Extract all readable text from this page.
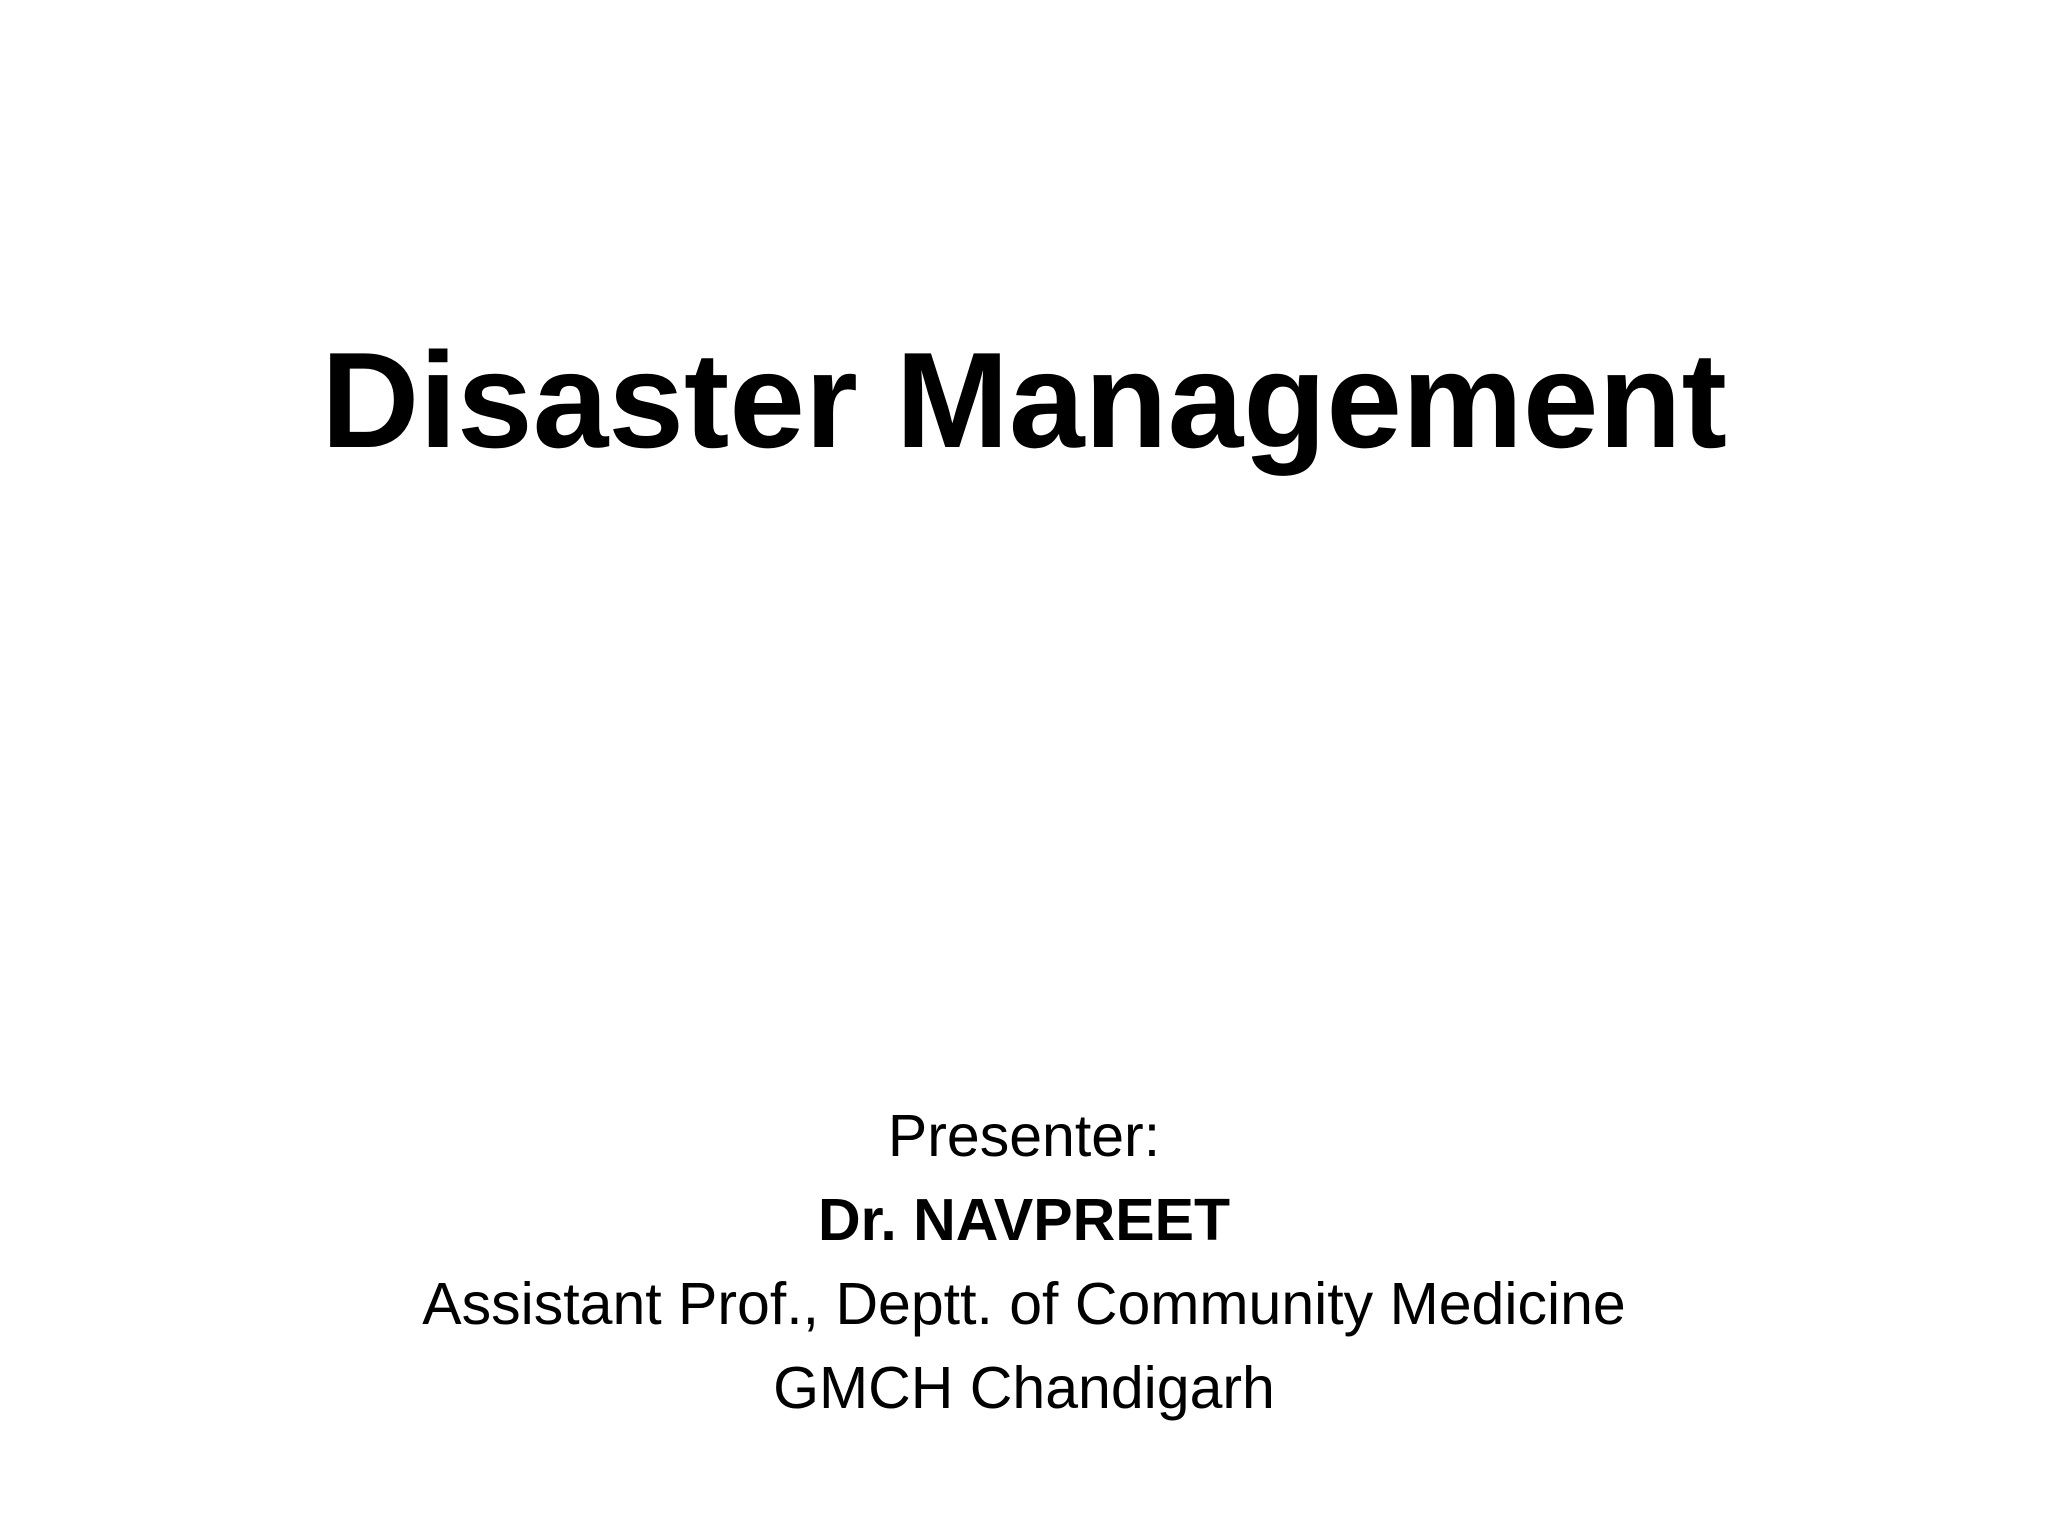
Disaster Management
Presenter:
Dr. NAVPREET
Assistant Prof., Deptt. of Community Medicine
GMCH Chandigarh
